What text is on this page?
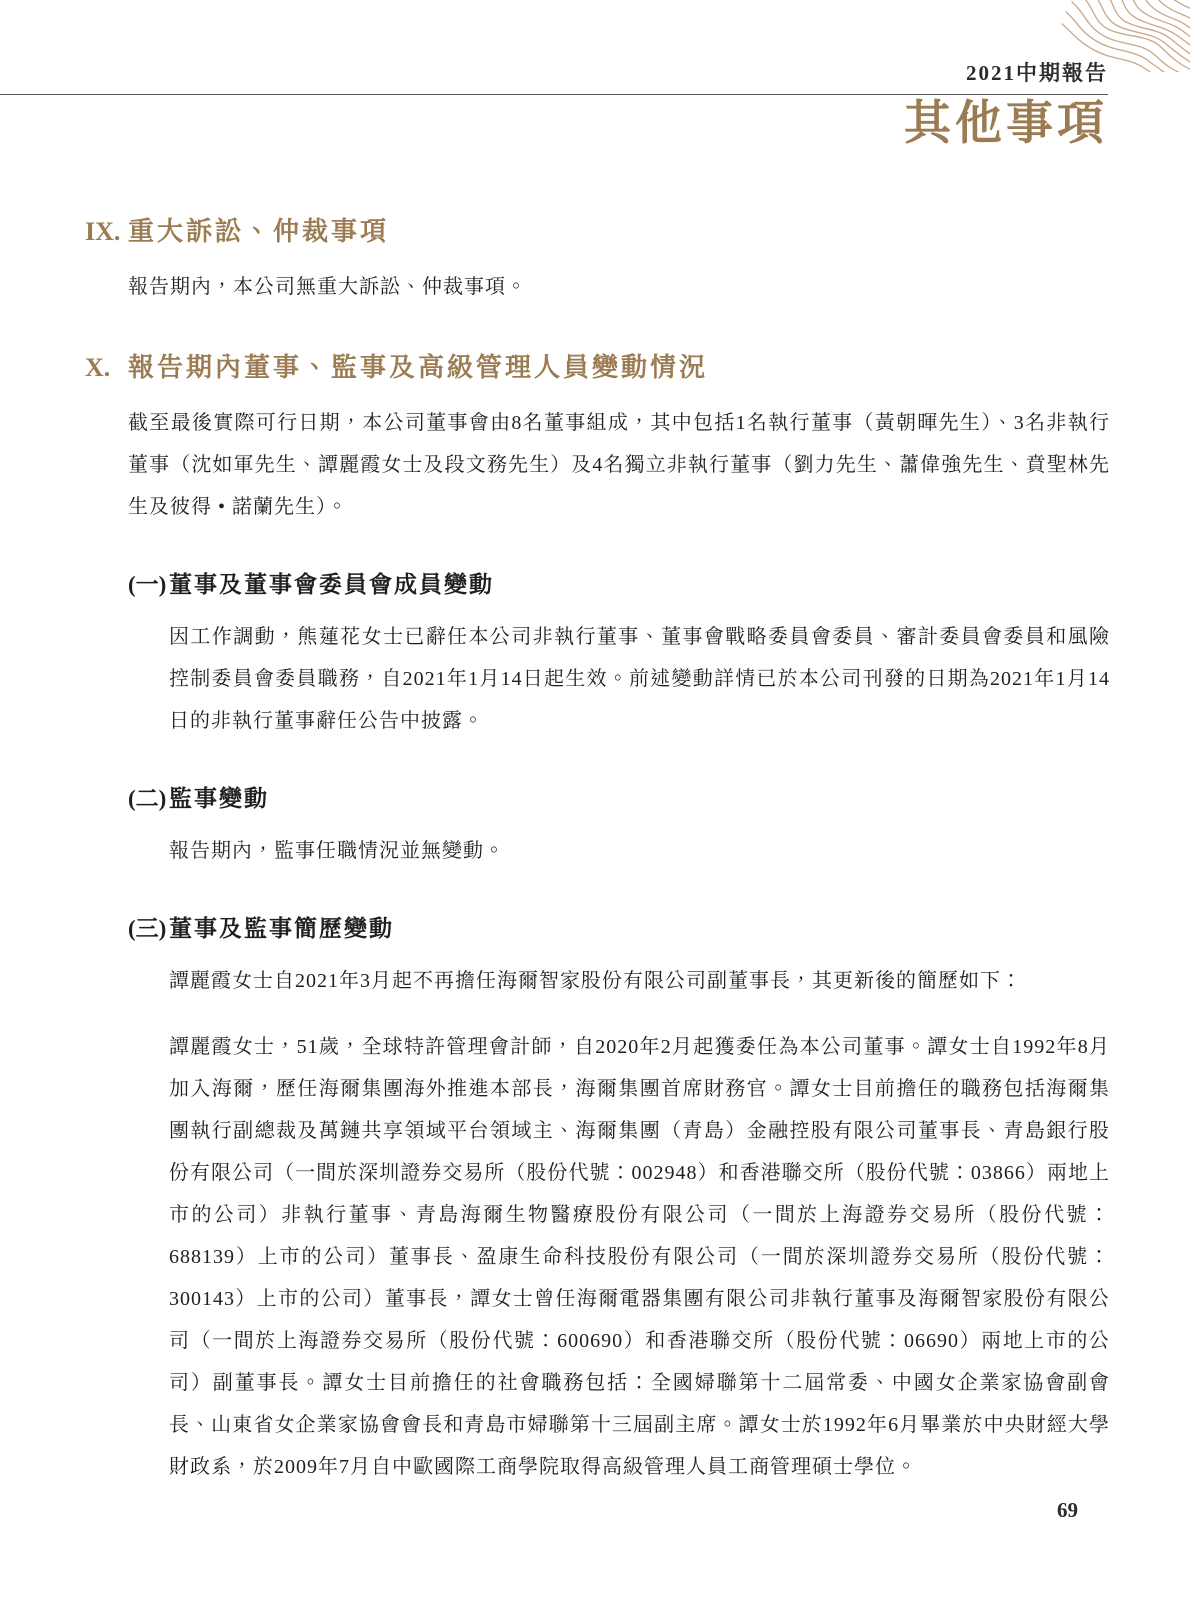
2021中期報告
其他事項
IX. 重大訴訟、仲裁事項
報告期內，本公司無重大訴訟、仲裁事項。
X. 報告期內董事、監事及高級管理人員變動情況
截至最後實際可行日期，本公司董事會由8名董事組成，其中包括1名執行董事（黃朝暉先生）、3名非執行董事（沈如軍先生、譚麗霞女士及段文務先生）及4名獨立非執行董事（劉力先生、蕭偉強先生、賁聖林先生及彼得 • 諾蘭先生）。
(一) 董事及董事會委員會成員變動
因工作調動，熊蓮花女士已辭任本公司非執行董事、董事會戰略委員會委員、審計委員會委員和風險控制委員會委員職務，自2021年1月14日起生效。前述變動詳情已於本公司刊發的日期為2021年1月14日的非執行董事辭任公告中披露。
(二) 監事變動
報告期內，監事任職情況並無變動。
(三) 董事及監事簡歷變動
譚麗霞女士自2021年3月起不再擔任海爾智家股份有限公司副董事長，其更新後的簡歷如下：
譚麗霞女士，51歲，全球特許管理會計師，自2020年2月起獲委任為本公司董事。譚女士自1992年8月加入海爾，歷任海爾集團海外推進本部長，海爾集團首席財務官。譚女士目前擔任的職務包括海爾集團執行副總裁及萬鏈共享領域平台領域主、海爾集團（青島）金融控股有限公司董事長、青島銀行股份有限公司（一間於深圳證券交易所（股份代號：002948）和香港聯交所（股份代號：03866）兩地上市的公司）非執行董事、青島海爾生物醫療股份有限公司（一間於上海證券交易所（股份代號：688139）上市的公司）董事長、盈康生命科技股份有限公司（一間於深圳證券交易所（股份代號：300143）上市的公司）董事長，譚女士曾任海爾電器集團有限公司非執行董事及海爾智家股份有限公司（一間於上海證券交易所（股份代號：600690）和香港聯交所（股份代號：06690）兩地上市的公司）副董事長。譚女士目前擔任的社會職務包括：全國婦聯第十二屆常委、中國女企業家協會副會長、山東省女企業家協會會長和青島市婦聯第十三屆副主席。譚女士於1992年6月畢業於中央財經大學財政系，於2009年7月自中歐國際工商學院取得高級管理人員工商管理碩士學位。
69
